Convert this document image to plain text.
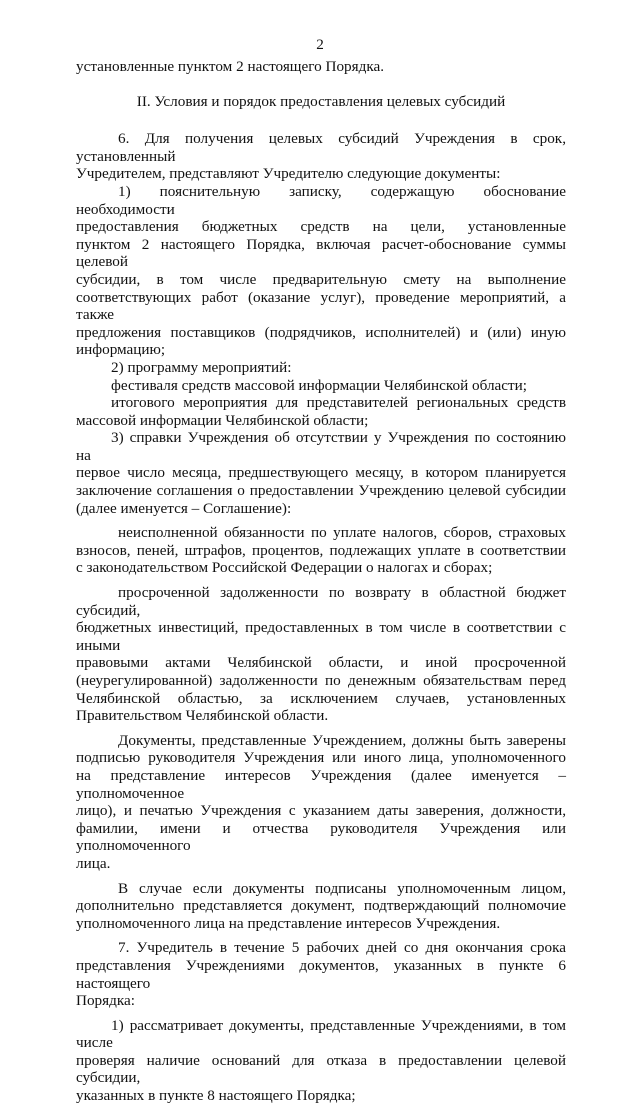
2

установленные пунктом 2 настоящего Порядка.

II. Условия и порядок предоставления целевых субсидий

6. Для получения целевых субсидий Учреждения в срок, установленный

Учредителем, представляют Учредителю следующие документы:

1) пояснительную записку, содержащую обоснование необходимости

предоставления бюджетных средств на цели, установленные

пунктом 2 настоящего Порядка, включая расчет-обоснование суммы целевой

субсидии, в том числе предварительную смету на выполнение

соответствующих работ (оказание услуг), проведение мероприятий, а также

предложения поставщиков (подрядчиков, исполнителей) и (или) иную

информацию;

2) программу мероприятий:

фестиваля средств массовой информации Челябинской области;

итогового мероприятия для представителей региональных средств

массовой информации Челябинской области;

3) справки Учреждения об отсутствии у Учреждения по состоянию на

первое число месяца, предшествующего месяцу, в котором планируется

заключение соглашения о предоставлении Учреждению целевой субсидии

(далее именуется – Соглашение):

неисполненной обязанности по уплате налогов, сборов, страховых

взносов, пеней, штрафов, процентов, подлежащих уплате в соответствии

с законодательством Российской Федерации о налогах и сборах;

просроченной задолженности по возврату в областной бюджет субсидий,

бюджетных инвестиций, предоставленных в том числе в соответствии с иными

правовыми актами Челябинской области, и иной просроченной

(неурегулированной) задолженности по денежным обязательствам перед

Челябинской областью, за исключением случаев, установленных

Правительством Челябинской области.

Документы, представленные Учреждением, должны быть заверены

подписью руководителя Учреждения или иного лица, уполномоченного

на представление интересов Учреждения (далее именуется – уполномоченное

лицо), и печатью Учреждения с указанием даты заверения, должности,

фамилии, имени и отчества руководителя Учреждения или уполномоченного

лица.

В случае если документы подписаны уполномоченным лицом,

дополнительно представляется документ, подтверждающий полномочие

уполномоченного лица на представление интересов Учреждения.

7. Учредитель в течение 5 рабочих дней со дня окончания срока

представления Учреждениями документов, указанных в пункте 6 настоящего

Порядка:

1) рассматривает документы, представленные Учреждениями, в том числе

проверяя наличие оснований для отказа в предоставлении целевой субсидии,

указанных в пункте 8 настоящего Порядка;
